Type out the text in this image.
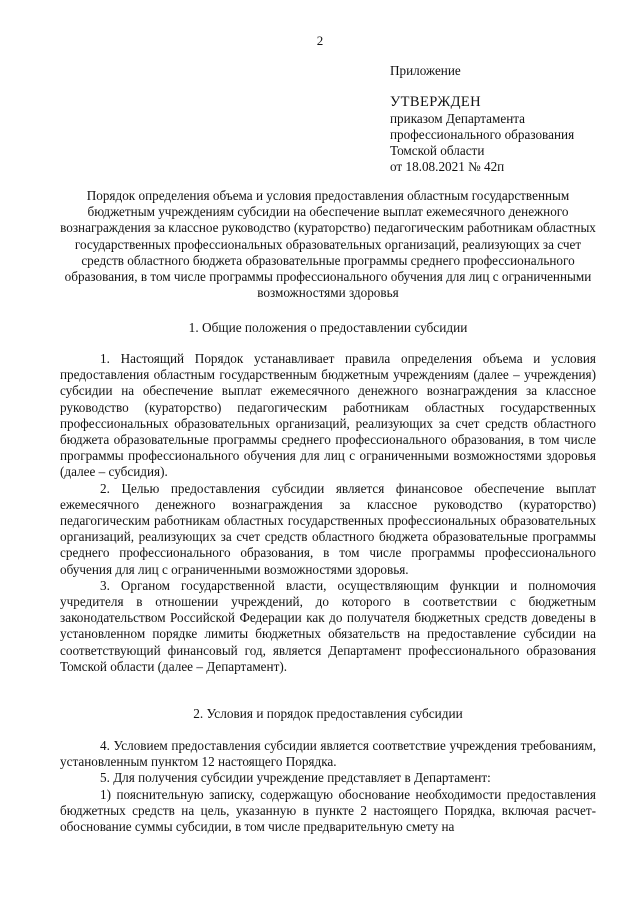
2
Приложение
УТВЕРЖДЕН
приказом Департамента
профессионального образования
Томской области
от 18.08.2021 № 42п
Порядок определения объема и условия предоставления областным государственным бюджетным учреждениям субсидии на обеспечение выплат ежемесячного денежного вознаграждения за классное руководство (кураторство) педагогическим работникам областных государственных профессиональных образовательных организаций, реализующих за счет средств областного бюджета образовательные программы среднего профессионального образования, в том числе программы профессионального обучения для лиц с ограниченными возможностями здоровья
1. Общие положения о предоставлении субсидии

1. Настоящий Порядок устанавливает правила определения объема и условия предоставления областным государственным бюджетным учреждениям (далее – учреждения) субсидии на обеспечение выплат ежемесячного денежного вознаграждения за классное руководство (кураторство) педагогическим работникам областных государственных профессиональных образовательных организаций, реализующих за счет средств областного бюджета образовательные программы среднего профессионального образования, в том числе программы профессионального обучения для лиц с ограниченными возможностями здоровья (далее – субсидия).

2. Целью предоставления субсидии является финансовое обеспечение выплат ежемесячного денежного вознаграждения за классное руководство (кураторство) педагогическим работникам областных государственных профессиональных образовательных организаций, реализующих за счет средств областного бюджета образовательные программы среднего профессионального образования, в том числе программы профессионального обучения для лиц с ограниченными возможностями здоровья.

3. Органом государственной власти, осуществляющим функции и полномочия учредителя в отношении учреждений, до которого в соответствии с бюджетным законодательством Российской Федерации как до получателя бюджетных средств доведены в установленном порядке лимиты бюджетных обязательств на предоставление субсидии на соответствующий финансовый год, является Департамент профессионального образования Томской области (далее – Департамент).

2. Условия и порядок предоставления субсидии

4. Условием предоставления субсидии является соответствие учреждения требованиям, установленным пунктом 12 настоящего Порядка.

5. Для получения субсидии учреждение представляет в Департамент:

1) пояснительную записку, содержащую обоснование необходимости предоставления бюджетных средств на цель, указанную в пункте 2 настоящего Порядка, включая расчет-обоснование суммы субсидии, в том числе предварительную смету на
